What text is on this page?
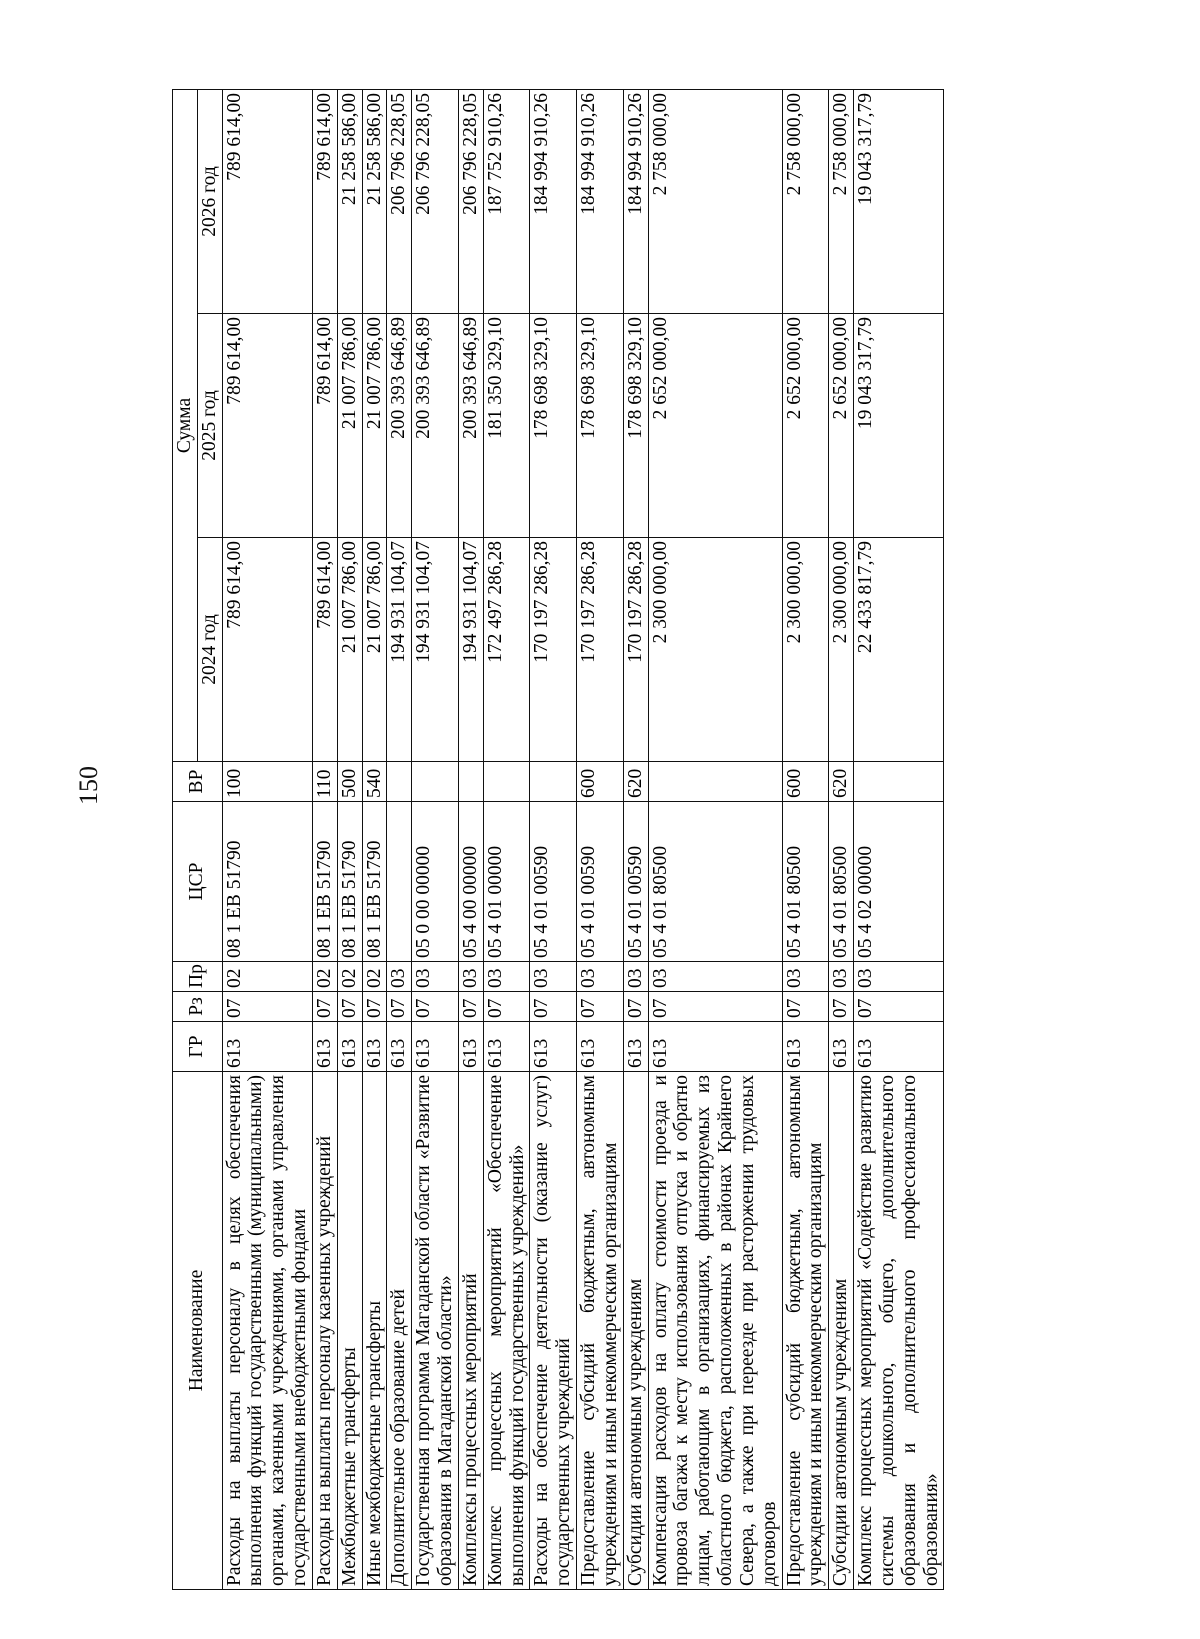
150
Наименование	ГР	Рз	Пр	ЦСР	ВР	Сумма		
						2024 год	2025 год	2026 год
Расходы на выплаты персоналу в целях обеспечения выполнения функций государственными (муниципальными) органами, казенными учреждениями, органами управления государственными внебюджетными фондами	613	07	02	08 1 ЕВ 51790	100	789 614,00	789 614,00	789 614,00
Расходы на выплаты персоналу казенных учреждений	613	07	02	08 1 ЕВ 51790	110	789 614,00	789 614,00	789 614,00
Межбюджетные трансферты	613	07	02	08 1 ЕВ 51790	500	21 007 786,00	21 007 786,00	21 258 586,00
Иные межбюджетные трансферты	613	07	02	08 1 ЕВ 51790	540	21 007 786,00	21 007 786,00	21 258 586,00
Дополнительное образование детей	613	07	03			194 931 104,07	200 393 646,89	206 796 228,05
Государственная программа Магаданской области «Развитие образования в Магаданской области»	613	07	03	05 0 00 00000		194 931 104,07	200 393 646,89	206 796 228,05
Комплексы процессных мероприятий	613	07	03	05 4 00 00000		194 931 104,07	200 393 646,89	206 796 228,05
Комплекс процессных мероприятий «Обеспечение выполнения функций государственных учреждений»	613	07	03	05 4 01 00000		172 497 286,28	181 350 329,10	187 752 910,26
Расходы на обеспечение деятельности (оказание услуг) государственных учреждений	613	07	03	05 4 01 00590		170 197 286,28	178 698 329,10	184 994 910,26
Предоставление субсидий бюджетным, автономным учреждениям и иным некоммерческим организациям	613	07	03	05 4 01 00590	600	170 197 286,28	178 698 329,10	184 994 910,26
Субсидии автономным учреждениям	613	07	03	05 4 01 00590	620	170 197 286,28	178 698 329,10	184 994 910,26
Компенсация расходов на оплату стоимости проезда и провоза багажа к месту использования отпуска и обратно лицам, работающим в организациях, финансируемых из областного бюджета, расположенных в районах Крайнего Севера, а также при переезде при расторжении трудовых договоров	613	07	03	05 4 01 80500		2 300 000,00	2 652 000,00	2 758 000,00
Предоставление субсидий бюджетным, автономным учреждениям и иным некоммерческим организациям	613	07	03	05 4 01 80500	600	2 300 000,00	2 652 000,00	2 758 000,00
Субсидии автономным учреждениям	613	07	03	05 4 01 80500	620	2 300 000,00	2 652 000,00	2 758 000,00
Комплекс процессных мероприятий «Содействие развитию системы дошкольного, общего, дополнительного образования и дополнительного профессионального образования»	613	07	03	05 4 02 00000		22 433 817,79	19 043 317,79	19 043 317,79
